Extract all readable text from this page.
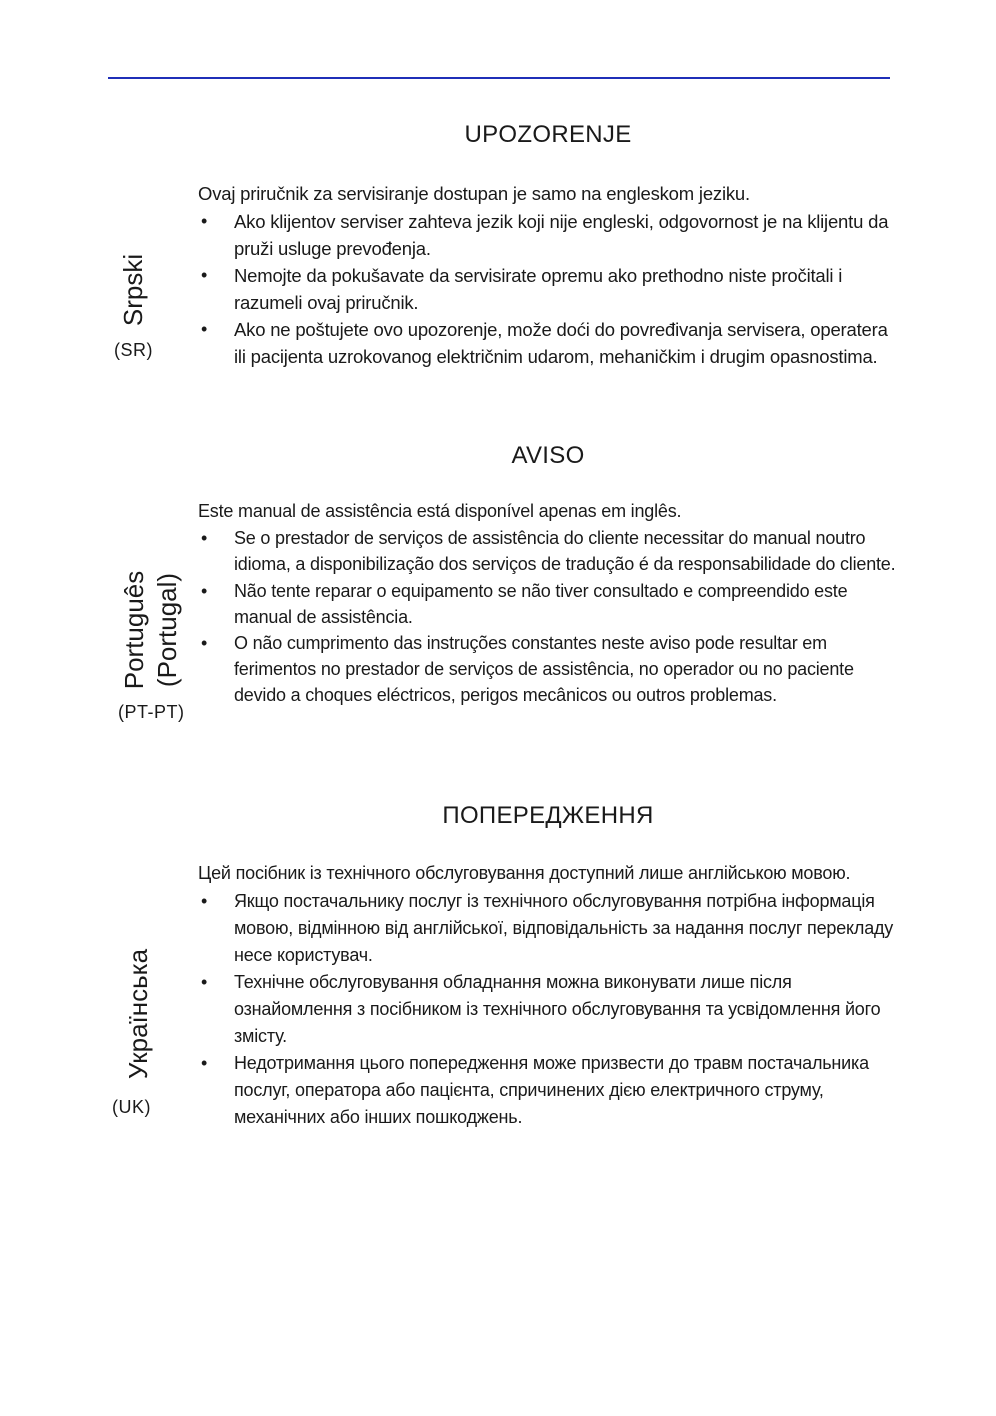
UPOZORENJE
Srpski
(SR)

Ovaj priručnik za servisiranje dostupan je samo na engleskom jeziku.

• Ako klijentov serviser zahteva jezik koji nije engleski, odgovornost je na klijentu da pruži usluge prevođenja.
• Nemojte da pokušavate da servisirate opremu ako prethodno niste pročitali i razumeli ovaj priručnik.
• Ako ne poštujete ovo upozorenje, može doći do povređivanja servisera, operatera ili pacijenta uzrokovanog električnim udarom, mehaničkim i drugim opasnostima.
AVISO
Português (Portugal)
(PT-PT)

Este manual de assistência está disponível apenas em inglês.

• Se o prestador de serviços de assistência do cliente necessitar do manual noutro idioma, a disponibilização dos serviços de tradução é da responsabilidade do cliente.
• Não tente reparar o equipamento se não tiver consultado e compreendido este manual de assistência.
• O não cumprimento das instruções constantes neste aviso pode resultar em ferimentos no prestador de serviços de assistência, no operador ou no paciente devido a choques eléctricos, perigos mecânicos ou outros problemas.
ПОПЕРЕДЖЕННЯ
Українська
(UK)

Цей посібник із технічного обслуговування доступний лише англійською мовою.

• Якщо постачальнику послуг із технічного обслуговування потрібна інформація мовою, відмінною від англійської, відповідальність за надання послуг перекладу несе користувач.
• Технічне обслуговування обладнання можна виконувати лише після ознайомлення з посібником із технічного обслуговування та усвідомлення його змісту.
• Недотримання цього попередження може призвести до травм постачальника послуг, оператора або пацієнта, спричинених дією електричного струму, механічних або інших пошкоджень.
